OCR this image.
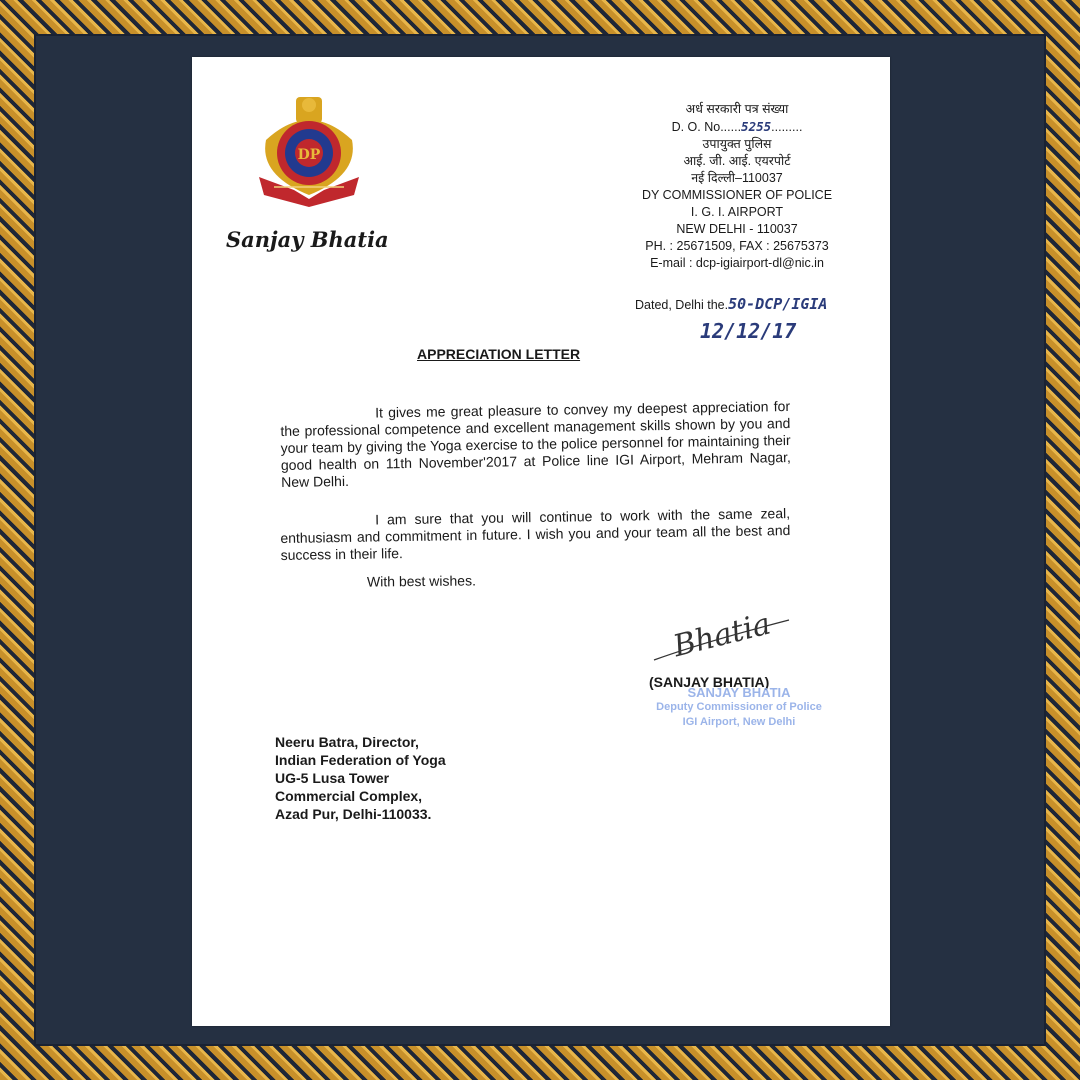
DP
Sanjay Bhatia
अर्ध सरकारी पत्र संख्या
D. O. No......5255.........
उपायुक्त पुलिस
आई. जी. आई. एयरपोर्ट
नई दिल्ली–110037
DY COMMISSIONER OF POLICE
I. G. I. AIRPORT
NEW DELHI - 110037
PH. : 25671509, FAX : 25675373
E-mail : dcp-igiairport-dl@nic.in
Dated, Delhi the.50-DCP/IGIA
12/12/17
APPRECIATION LETTER
It gives me great pleasure to convey my deepest appreciation for the professional competence and excellent management skills shown by you and your team by giving the Yoga exercise to the police personnel for maintaining their good health on 11th November'2017 at Police line IGI Airport, Mehram Nagar, New Delhi.
I am sure that you will continue to work with the same zeal, enthusiasm and commitment in future. I wish you and your team all the best and success in their life.
With best wishes.
Bhatia
(SANJAY BHATIA)
SANJAY BHATIA
Deputy Commissioner of Police
IGI Airport, New Delhi
Neeru Batra, Director,
Indian Federation of Yoga
UG-5 Lusa Tower
Commercial Complex,
Azad Pur, Delhi-110033.
